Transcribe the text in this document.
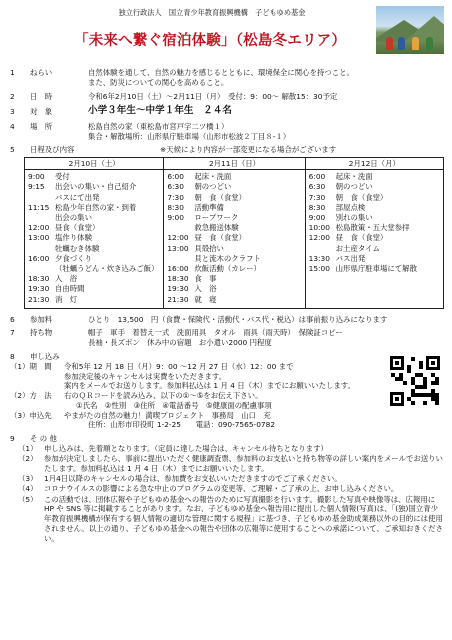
独立行政法人　国立青少年教育振興機構　子どもゆめ基金
「未来へ繋ぐ宿泊体験」（松島冬エリア）
1	ねらい	自然体験を通して、自然の魅力を感じるとともに、環境保全に関心を持つこと。
また、防災についての関心を高めること。
2	日　時	令和6年2月10日（土）～2月11日（月）　受付：9：00～ 解散15：30予定
3	対　象	小学３年生～中学１年生　２４名
4	場　所	松島自然の家（東松島市宮戸字二ツ橋１）
集合・解散場所：山形県庁駐車場（山形市松波２丁目８-１）
5	日程及び内容	※天候により内容が一部変更になる場合がございます
2月10日（土）
9:00	受付
9:15	出会いの集い・自己紹介
バスにて出発
11:15 松島少年自然の家・到着
出会の集い
12:00 昼食（食堂）
13:00 塩作り体験
牡蠣むき体験
16:00 夕食づくり
（牡蠣うどん・炊き込みご飯）
18:30 入　浴
19:30 自由時間
21:30 消　灯
2月11日（日）
6:00	起床・洗面
6:30	朝のつどい
7:30	朝　食（食堂）
8:30	活動準備
9:00	ロープワーク
救急搬送体験
12:00 昼　食（食堂）
13:00 貝殻拾い
貝と流木のクラフト
16:00 炊飯活動（カレー）
18:30 食　事
19:30 入　浴
21:30 就　寝
2月12日（月）
6:00	起床・洗面
6:30	朝のつどい
7:30	朝　食（食堂）
8:30	部屋点検
9:00	別れの集い
10:00 松島散策・五大堂参拝
12:00 昼　食（食堂）
お土産タイム
13:30 バス出発
15:00 山形県庁駐車場にて解散
6	参加料	ひとり　13,500　円（食費・保険代・活動代・バス代・税込）は事前振り込みになります
7	持ち物	帽子　軍手　着替え一式　洗面用具　タオル　雨具（雨天時）　保険証コピー
長袖・長ズボン　休み中の宿題　お小遣い2000 円程度
8	申し込み
（1）期　間	令和5年 12 月 18 日（月）9：00 ～12 月 27 日（水）12：00 まで
参加決定後のキャンセルは実費をいただきます。
案内をメールでお送りします。参加料払込は 1 月 4 日（木）までにお願いいたします。
（2）方　法	右のＱＲコードを読み込み、以下の①～⑤をお伝え下さい。
①氏名　②性別　③住所　④電話番号　⑤健康面の配慮事項
（3）申込先	やまがたの自然の魅力！満喫プロジェクト　事務局　山口　充
住所：山形市印役町 1-2-25　　電話：090-7565-0782
9	そ の 他
（1） 申し込みは、先着順となります。（定員に達した場合は、キャンセル待ちとなります）
（2） 参加が決定しましたら、事前に提出いただく健康調査票、参加料のお支払いと持ち物等の詳しい案内をメールでお送りいたします。参加料払込は 1 月 4 日（木）までにお願いいたします。
（3） 1月4日以降のキャンセルの場合は、参加費をお支払いいただきますのでご了承ください。
（4） コロナウイルスの影響による急な中止のプログラムの変更等、ご理解・ご了承の上、お申し込みください。
（5） この活動では、団体広報や子どもゆめ基金への報告のために写真撮影を行います。撮影した写真や映像等は、広報用に HP や SNS 等に掲載することがあります。なお、子どもゆめ基金へ報告用に提出した個人情報(写真)は、「(独)国立青少年教育振興機構が保有する個人情報の適切な管理に関する規程」に基づき、子どもゆめ基金助成業務以外の目的には使用されません。以上の通り、子どもゆめ基金への報告や団体の広報等に使用することへの承諾について、ご承知おきください。
